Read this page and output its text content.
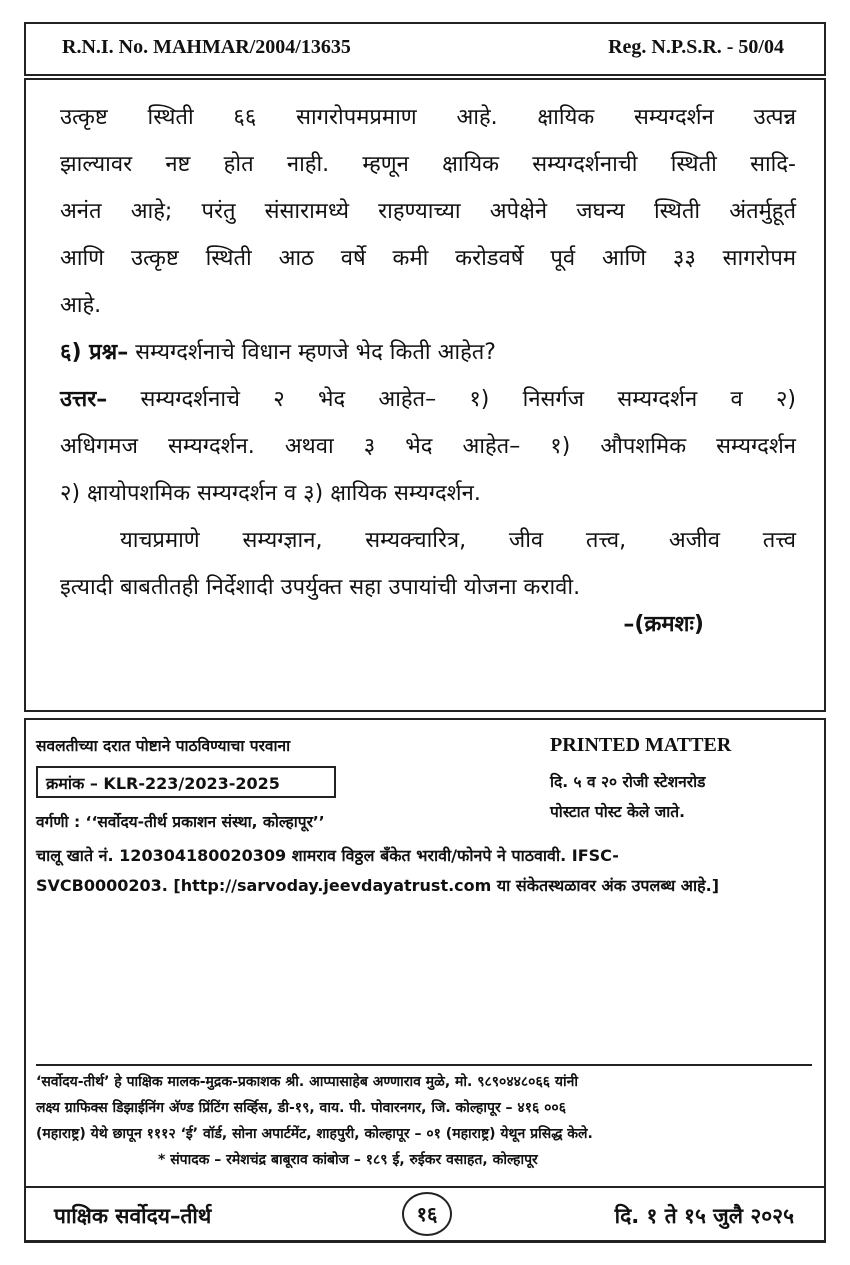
R.N.I. No. MAHMAR/2004/13635	Reg. N.P.S.R. - 50/04
उत्कृष्ट स्थिती ६६ सागरोपमप्रमाण आहे. क्षायिक सम्यग्दर्शन उत्पन्न
झाल्यावर नष्ट होत नाही. म्हणून क्षायिक सम्यग्दर्शनाची स्थिती सादि-
अनंत आहे; परंतु संसारामध्ये राहण्याच्या अपेक्षेने जघन्य स्थिती अंतर्मुहूर्त
आणि उत्कृष्ट स्थिती आठ वर्षे कमी करोडवर्षे पूर्व आणि ३३ सागरोपम
आहे.
६) प्रश्न– सम्यग्दर्शनाचे विधान म्हणजे भेद किती आहेत?
उत्तर– सम्यग्दर्शनाचे २ भेद आहेत– १) निसर्गज सम्यग्दर्शन व २)
अधिगमज सम्यग्दर्शन. अथवा ३ भेद आहेत– १) औपशमिक सम्यग्दर्शन
२) क्षायोपशमिक सम्यग्दर्शन व ३) क्षायिक सम्यग्दर्शन.
याचप्रमाणे सम्यग्ज्ञान, सम्यक्चारित्र, जीव तत्त्व, अजीव तत्त्व
इत्यादी बाबतीतही निर्देशादी उपर्युक्त सहा उपायांची योजना करावी.
–(क्रमशः)
सवलतीच्या दरात पोष्टाने पाठविण्याचा परवाना
क्रमांक – KLR-223/2023-2025
वर्गणी : ‘‘सर्वोदय-तीर्थ प्रकाशन संस्था, कोल्हापूर’’
PRINTED MATTER
दि. ५ व २० रोजी स्टेशनरोड
पोस्टात पोस्ट केले जाते.
चालू खाते नं. 120304180020309 शामराव विठ्ठल बँकेत भरावी/फोनपे ने पाठवावी. IFSC-
SVCB0000203. [http://sarvoday.jeevdayatrust.com या संकेतस्थळावर अंक उपलब्ध आहे.]
‘सर्वोदय-तीर्थ’ हे पाक्षिक मालक-मुद्रक-प्रकाशक श्री. आप्पासाहेब अण्णाराव मुळे, मो. ९८९०४४८०६६ यांनी
लक्ष्य ग्राफिक्स डिझाईनिंग अ‍ॅण्ड प्रिंटिंग सर्व्हिस, डी-१९, वाय. पी. पोवारनगर, जि. कोल्हापूर – ४१६ ००६
(महाराष्ट्र) येथे छापून १११२ ‘ई’ वॉर्ड, सोना अपार्टमेंट, शाहपुरी, कोल्हापूर – ०१ (महाराष्ट्र) येथून प्रसिद्ध केले.
* संपादक – रमेशचंद्र बाबूराव कांबोज – १८९ ई, रुईकर वसाहत, कोल्हापूर
पाक्षिक सर्वोदय–तीर्थ	१६	दि. १ ते १५ जुलै २०२५
